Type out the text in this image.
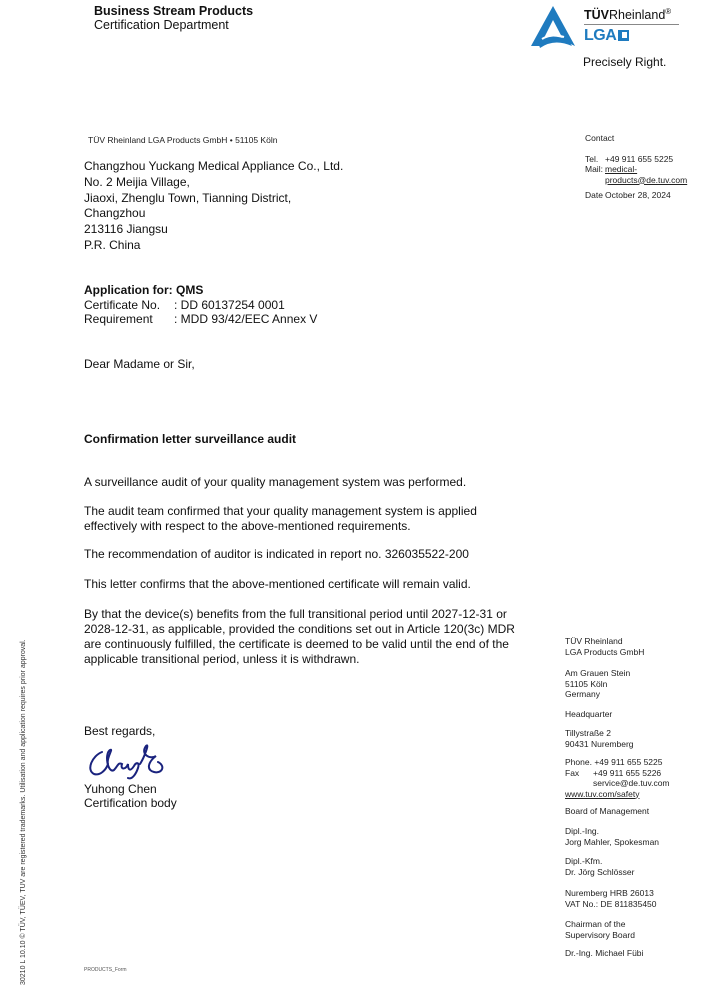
Business Stream Products
Certification Department
TÜVRheinland®
LGA
Precisely Right.
TÜV Rheinland LGA Products GmbH • 51105 Köln
Changzhou Yuckang Medical Appliance Co., Ltd.
No. 2 Meijia Village,
Jiaoxi, Zhenglu Town, Tianning District,
Changzhou
213116 Jiangsu
P.R. China
Contact
Tel. +49 911 655 5225
Mail: medical-
products@de.tuv.com
Date October 28, 2024
Application for: QMS
Certificate No.	: DD 60137254 0001
Requirement	: MDD 93/42/EEC Annex V
Dear Madame or Sir,
Confirmation letter surveillance audit
A surveillance audit of your quality management system was performed.
The audit team confirmed that your quality management system is applied effectively with respect to the above-mentioned requirements.
The recommendation of auditor is indicated in report no. 326035522-200
This letter confirms that the above-mentioned certificate will remain valid.
By that the device(s) benefits from the full transitional period until 2027-12-31 or 2028-12-31, as applicable, provided the conditions set out in Article 120(3c) MDR are continuously fulfilled, the certificate is deemed to be valid until the end of the applicable transitional period, unless it is withdrawn.
Best regards,
Yuhong Chen
Certification body
TÜV Rheinland
LGA Products GmbH
Am Grauen Stein
51105 Köln
Germany
Headquarter
Tillystraße 2
90431 Nuremberg
Phone. +49 911 655 5225
Fax +49 911 655 5226
service@de.tuv.com
www.tuv.com/safety
Board of Management
Dipl.-Ing.
Jorg Mahler, Spokesman
Dipl.-Kfm.
Dr. Jörg Schlösser
Nuremberg HRB 26013
VAT No.: DE 811835450
Chairman of the
Supervisory Board
Dr.-Ing. Michael Fübi
30210 L 10.10 © TÜV, TÜEV, TUV are registered trademarks. Utilisation and application requires prior approval.	PRODUCTS_Form
